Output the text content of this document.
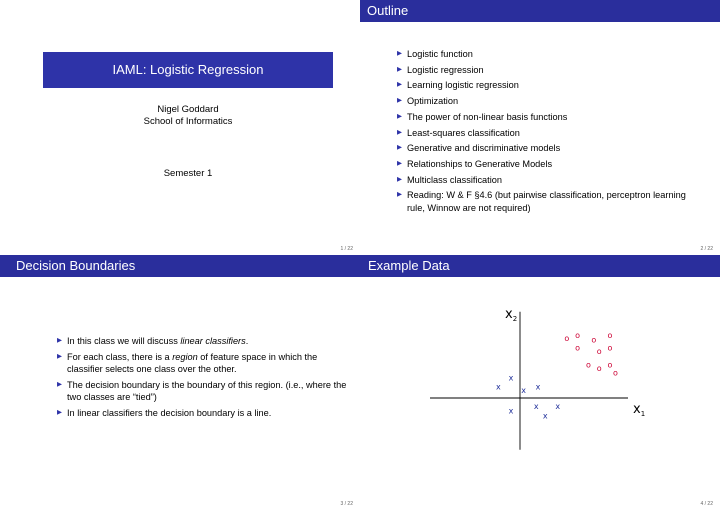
IAML: Logistic Regression
Nigel Goddard
School of Informatics
Semester 1
1 / 22
Outline
▶ Logistic function
▶ Logistic regression
▶ Learning logistic regression
▶ Optimization
▶ The power of non-linear basis functions
▶ Least-squares classification
▶ Generative and discriminative models
▶ Relationships to Generative Models
▶ Multiclass classification
▶ Reading: W & F §4.6 (but pairwise classification, perceptron learning rule, Winnow are not required)
2 / 22
Decision Boundaries
▶ In this class we will discuss linear classifiers.
▶ For each class, there is a region of feature space in which the classifier selects one class over the other.
▶ The decision boundary is the boundary of this region. (i.e., where the two classes are “tied”)
▶ In linear classifiers the decision boundary is a line.
3 / 22
Example Data
$x_2$
$x_1$
x
x	x
x
x x
x
x
o	o
o	o
o	o
o
o o
o
o
4 / 22
